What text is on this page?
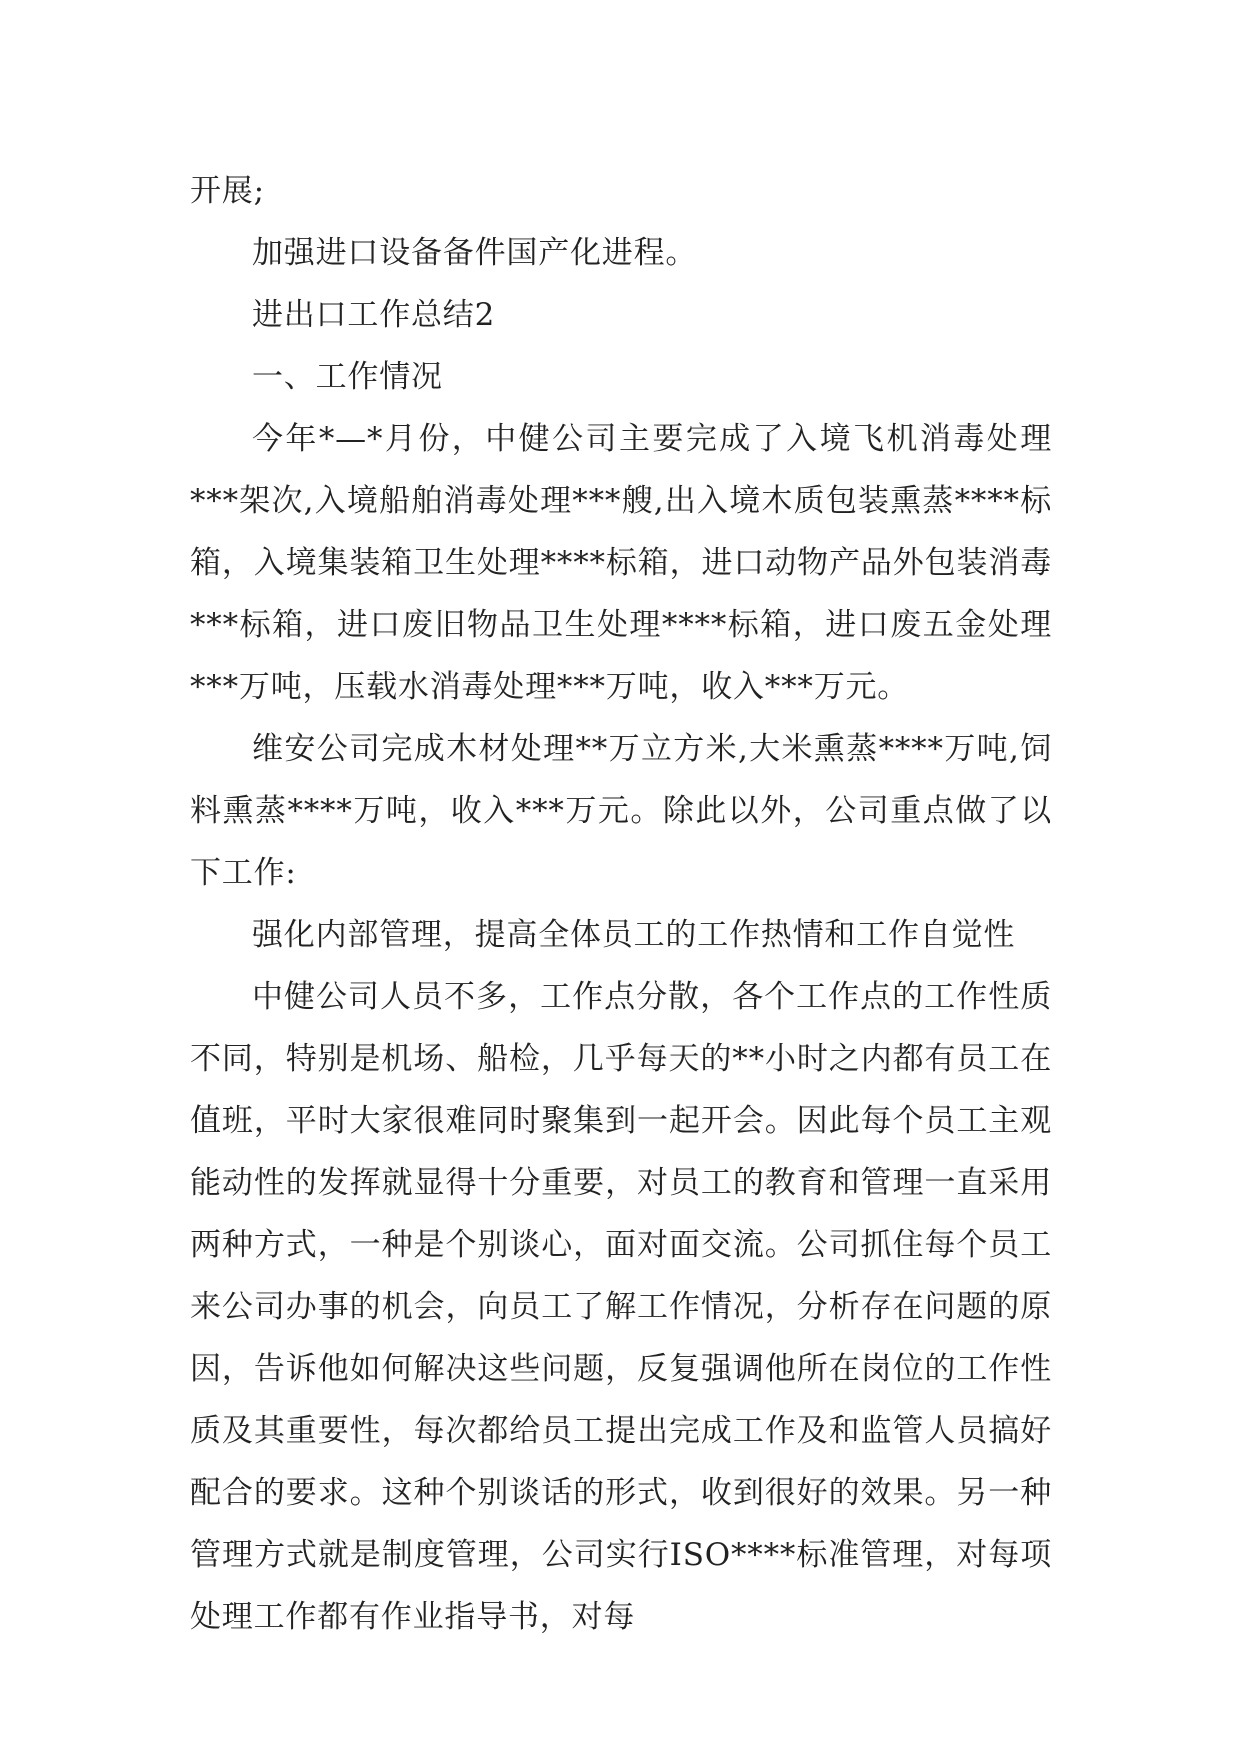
开展;

加强进口设备备件国产化进程。

进出口工作总结2

一、工作情况

今年*—*月份，中健公司主要完成了入境飞机消毒处理***架次,入境船舶消毒处理***艘,出入境木质包装熏蒸****标箱，入境集装箱卫生处理****标箱，进口动物产品外包装消毒***标箱，进口废旧物品卫生处理****标箱，进口废五金处理***万吨，压载水消毒处理***万吨，收入***万元。

维安公司完成木材处理**万立方米,大米熏蒸****万吨,饲料熏蒸****万吨，收入***万元。除此以外，公司重点做了以下工作:

强化内部管理，提高全体员工的工作热情和工作自觉性

中健公司人员不多，工作点分散，各个工作点的工作性质不同，特别是机场、船检，几乎每天的**小时之内都有员工在值班，平时大家很难同时聚集到一起开会。因此每个员工主观能动性的发挥就显得十分重要，对员工的教育和管理一直采用两种方式，一种是个别谈心，面对面交流。公司抓住每个员工来公司办事的机会，向员工了解工作情况，分析存在问题的原因，告诉他如何解决这些问题，反复强调他所在岗位的工作性质及其重要性，每次都给员工提出完成工作及和监管人员搞好配合的要求。这种个别谈话的形式，收到很好的效果。另一种管理方式就是制度管理，公司实行ISO****标准管理，对每项处理工作都有作业指导书，对每
